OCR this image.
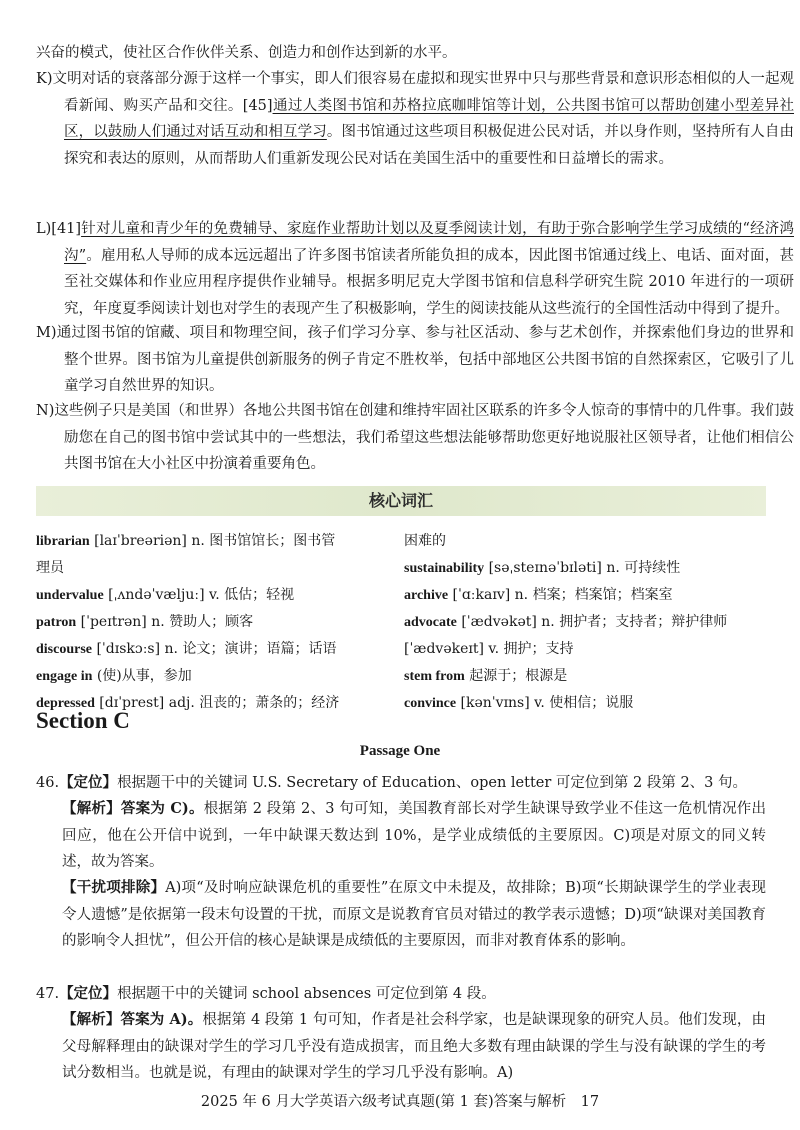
兴奋的模式，使社区合作伙伴关系、创造力和创作达到新的水平。

K)文明对话的衰落部分源于这样一个事实，即人们很容易在虚拟和现实世界中只与那些背景和意识形态相似的人一起观看新闻、购买产品和交往。[45]通过人类图书馆和苏格拉底咖啡馆等计划，公共图书馆可以帮助创建小型差异社区，以鼓励人们通过对话互动和相互学习。图书馆通过这些项目积极促进公民对话，并以身作则，坚持所有人自由探究和表达的原则，从而帮助人们重新发现公民对话在美国生活中的重要性和日益增长的需求。

L)[41]针对儿童和青少年的免费辅导、家庭作业帮助计划以及夏季阅读计划，有助于弥合影响学生学习成绩的“经济鸿沟”。雇用私人导师的成本远远超出了许多图书馆读者所能负担的成本，因此图书馆通过线上、电话、面对面，甚至社交媒体和作业应用程序提供作业辅导。根据多明尼克大学图书馆和信息科学研究生院 2010 年进行的一项研究，年度夏季阅读计划也对学生的表现产生了积极影响，学生的阅读技能从这些流行的全国性活动中得到了提升。

M)通过图书馆的馆藏、项目和物理空间，孩子们学习分享、参与社区活动、参与艺术创作，并探索他们身边的世界和整个世界。图书馆为儿童提供创新服务的例子肯定不胜枚举，包括中部地区公共图书馆的自然探索区，它吸引了儿童学习自然世界的知识。

N)这些例子只是美国（和世界）各地公共图书馆在创建和维持牢固社区联系的许多令人惊奇的事情中的几件事。我们鼓励您在自己的图书馆中尝试其中的一些想法，我们希望这些想法能够帮助您更好地说服社区领导者，让他们相信公共图书馆在大小社区中扮演着重要角色。

核心词汇

librarian [laɪˈbreəriən] n. 图书馆馆长；图书管

理员

undervalue [ˌʌndəˈvæljuː] v. 低估；轻视

patron [ˈpeɪtrən] n. 赞助人；顾客

discourse [ˈdɪskɔːs] n. 论文；演讲；语篇；话语

engage in (使)从事，参加

depressed [dɪˈprest] adj. 沮丧的；萧条的；经济

困难的

sustainability [səˌsteɪnəˈbɪləti] n. 可持续性

archive [ˈɑːkaɪv] n. 档案；档案馆；档案室

advocate [ˈædvəkət] n. 拥护者；支持者；辩护律师

[ˈædvəkeɪt] v. 拥护；支持

stem from 起源于；根源是

convince [kənˈvɪns] v. 使相信；说服

Section C
Passage One

46.【定位】根据题干中的关键词 U.S. Secretary of Education、open letter 可定位到第 2 段第 2、3 句。

【解析】答案为 C)。根据第 2 段第 2、3 句可知，美国教育部长对学生缺课导致学业不佳这一危机情况作出回应，他在公开信中说到，一年中缺课天数达到 10%，是学业成绩低的主要原因。C)项是对原文的同义转述，故为答案。

【干扰项排除】A)项“及时响应缺课危机的重要性”在原文中未提及，故排除；B)项“长期缺课学生的学业表现令人遗憾”是依据第一段末句设置的干扰，而原文是说教育官员对错过的教学表示遗憾；D)项“缺课对美国教育的影响令人担忧”，但公开信的核心是缺课是成绩低的主要原因，而非对教育体系的影响。

47.【定位】根据题干中的关键词 school absences 可定位到第 4 段。

【解析】答案为 A)。根据第 4 段第 1 句可知，作者是社会科学家，也是缺课现象的研究人员。他们发现，由父母解释理由的缺课对学生的学习几乎没有造成损害，而且绝大多数有理由缺课的学生与没有缺课的学生的考试分数相当。也就是说，有理由的缺课对学生的学习几乎没有影响。A)

2025 年 6 月大学英语六级考试真题(第 1 套)答案与解析　17
